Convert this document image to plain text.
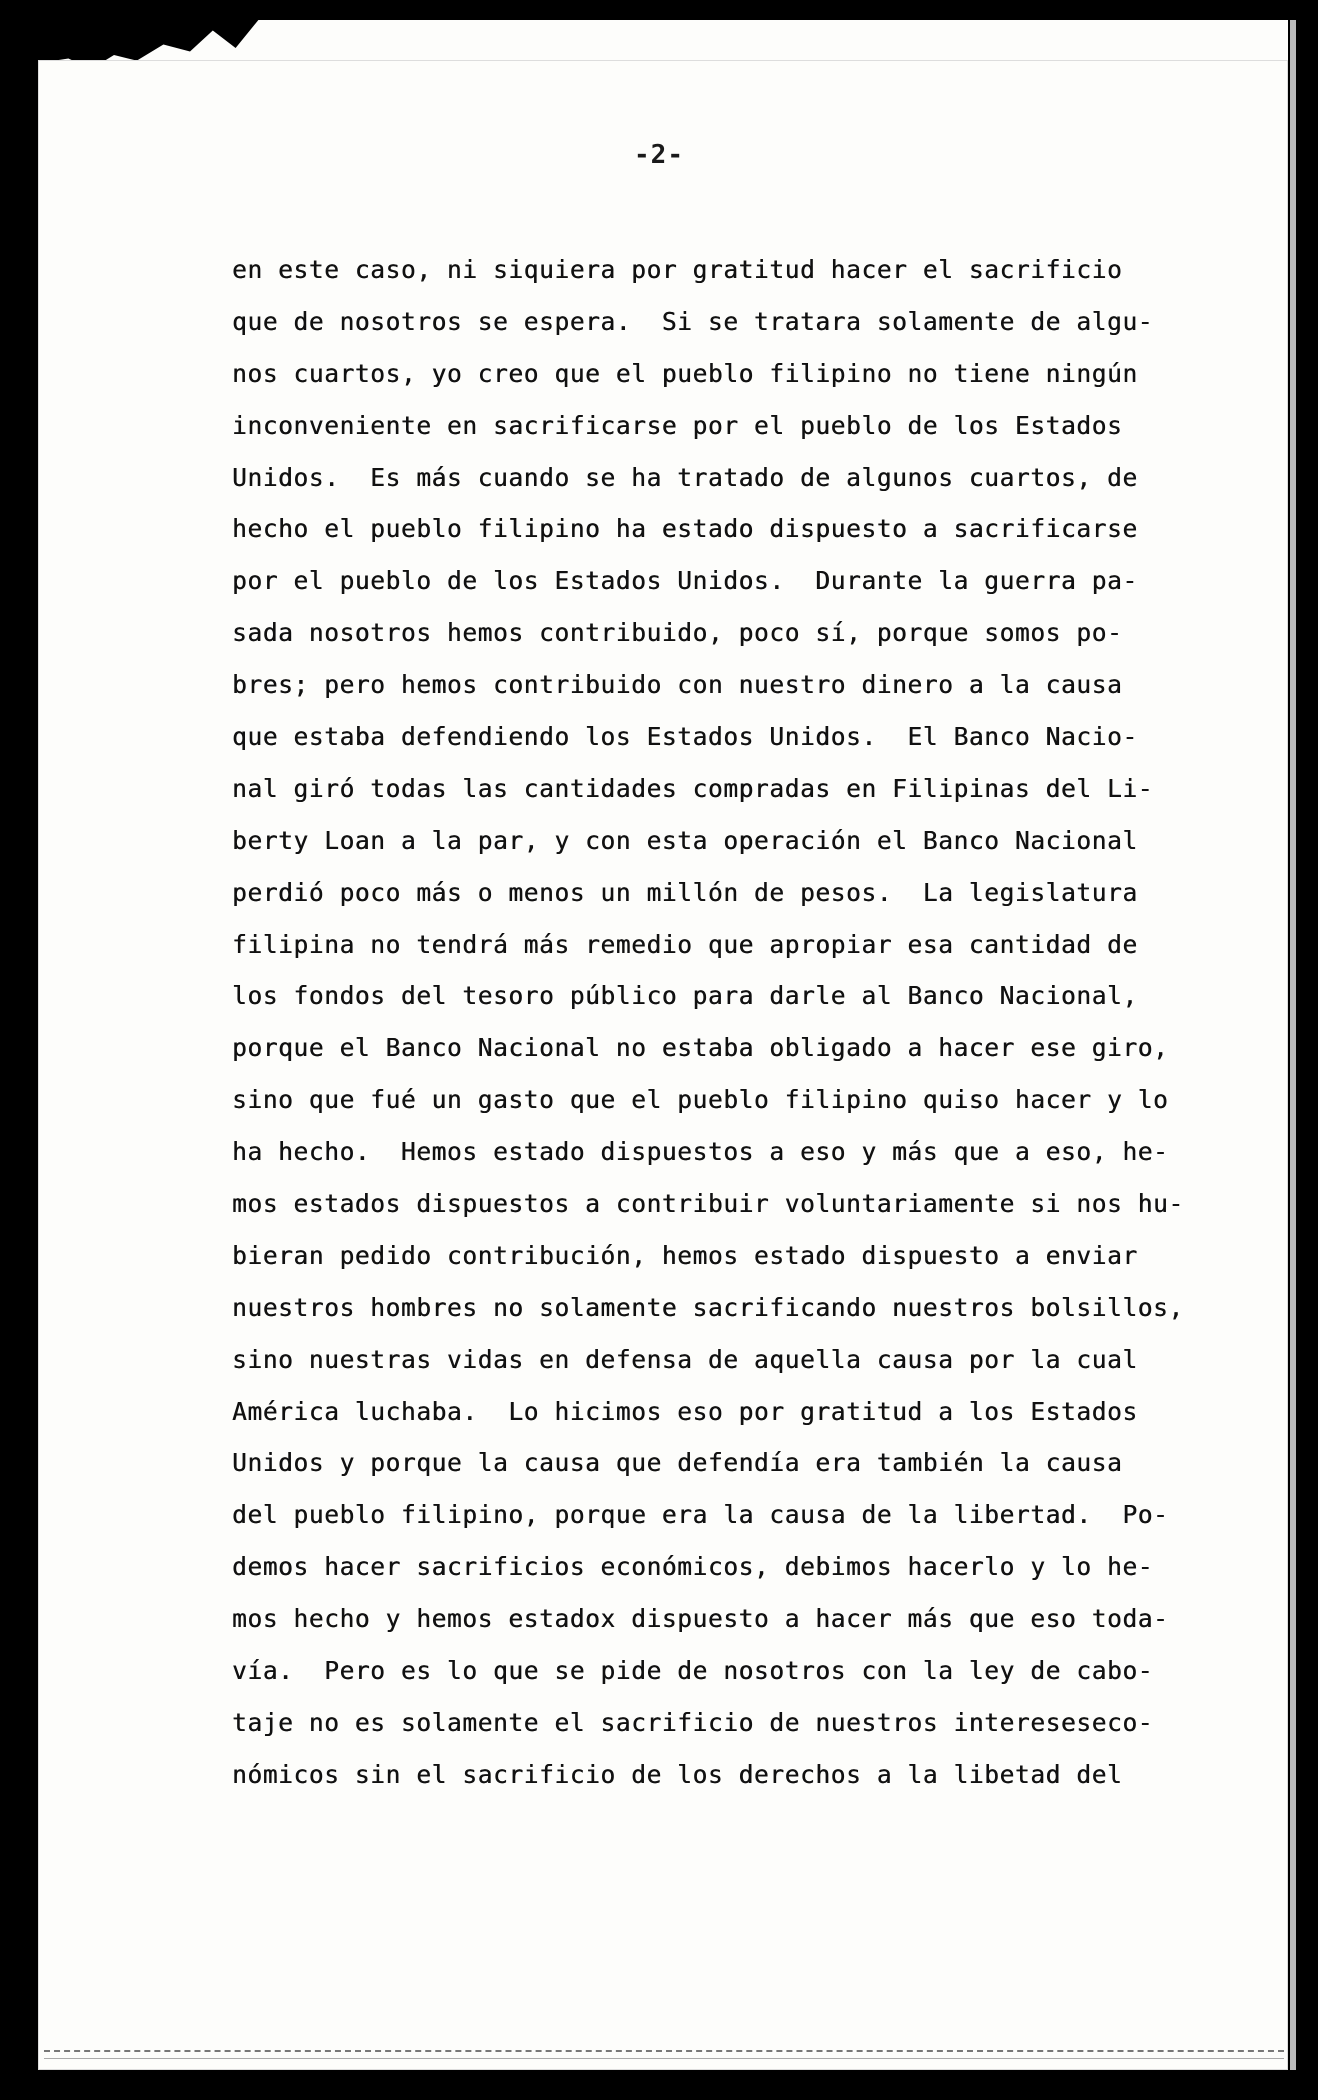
-2-
en este caso, ni siquiera por gratitud hacer el sacrificio
que de nosotros se espera.  Si se tratara solamente de algu-
nos cuartos, yo creo que el pueblo filipino no tiene ningún
inconveniente en sacrificarse por el pueblo de los Estados
Unidos.  Es más cuando se ha tratado de algunos cuartos, de
hecho el pueblo filipino ha estado dispuesto a sacrificarse
por el pueblo de los Estados Unidos.  Durante la guerra pa-
sada nosotros hemos contribuido, poco sí, porque somos po-
bres; pero hemos contribuido con nuestro dinero a la causa
que estaba defendiendo los Estados Unidos.  El Banco Nacio-
nal giró todas las cantidades compradas en Filipinas del Li-
berty Loan a la par, y con esta operación el Banco Nacional
perdió poco más o menos un millón de pesos.  La legislatura
filipina no tendrá más remedio que apropiar esa cantidad de
los fondos del tesoro público para darle al Banco Nacional,
porque el Banco Nacional no estaba obligado a hacer ese giro,
sino que fué un gasto que el pueblo filipino quiso hacer y lo
ha hecho.  Hemos estado dispuestos a eso y más que a eso, he-
mos estados dispuestos a contribuir voluntariamente si nos hu-
bieran pedido contribución, hemos estado dispuesto a enviar
nuestros hombres no solamente sacrificando nuestros bolsillos,
sino nuestras vidas en defensa de aquella causa por la cual
América luchaba.  Lo hicimos eso por gratitud a los Estados
Unidos y porque la causa que defendía era también la causa
del pueblo filipino, porque era la causa de la libertad.  Po-
demos hacer sacrificios económicos, debimos hacerlo y lo he-
mos hecho y hemos estadox dispuesto a hacer más que eso toda-
vía.  Pero es lo que se pide de nosotros con la ley de cabo-
taje no es solamente el sacrificio de nuestros intereseseco-
nómicos sin el sacrificio de los derechos a la libetad del
